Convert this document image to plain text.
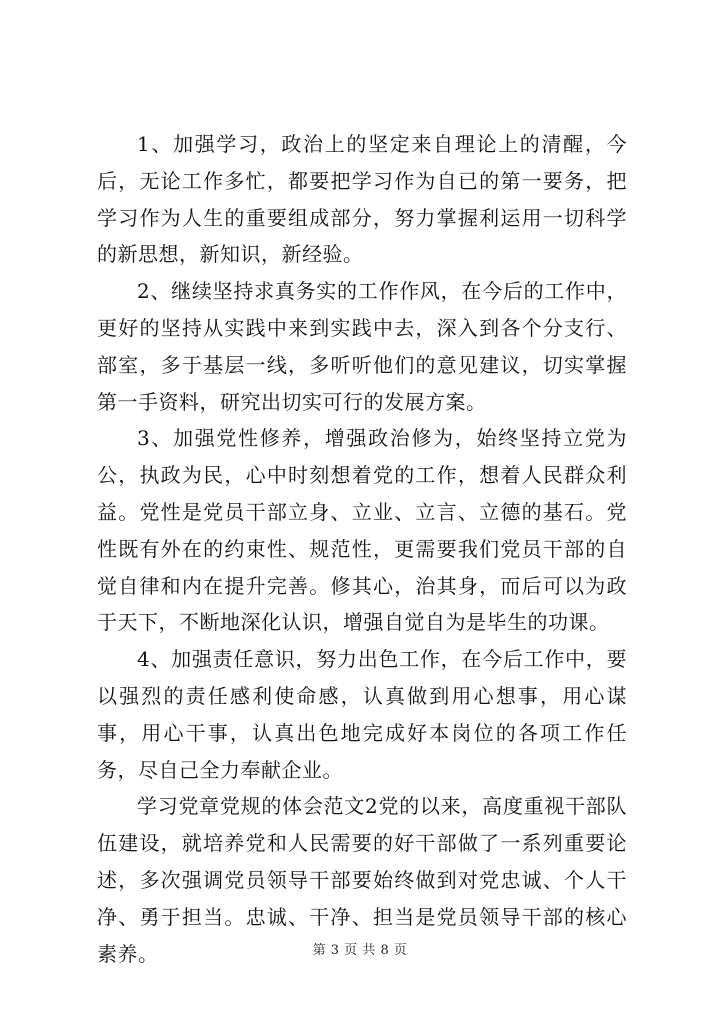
1、加强学习，政治上的坚定来自理论上的清醒，今后，无论工作多忙，都要把学习作为自已的第一要务，把学习作为人生的重要组成部分，努力掌握利运用一切科学的新思想，新知识，新经验。

2、继续坚持求真务实的工作作风，在今后的工作中，更好的坚持从实践中来到实践中去，深入到各个分支行、部室，多于基层一线，多听听他们的意见建议，切实掌握第一手资料，研究出切实可行的发展方案。

3、加强党性修养，增强政治修为，始终坚持立党为公，执政为民，心中时刻想着党的工作，想着人民群众利益。党性是党员干部立身、立业、立言、立德的基石。党性既有外在的约束性、规范性，更需要我们党员干部的自觉自律和内在提升完善。修其心，治其身，而后可以为政于天下，不断地深化认识，增强自觉自为是毕生的功课。

4、加强责任意识，努力出色工作，在今后工作中，要以强烈的责任感利使命感，认真做到用心想事，用心谋事，用心干事，认真出色地完成好本岗位的各项工作任务，尽自己全力奉献企业。

学习党章党规的体会范文2党的以来，高度重视干部队伍建设，就培养党和人民需要的好干部做了一系列重要论述，多次强调党员领导干部要始终做到对党忠诚、个人干净、勇于担当。忠诚、干净、担当是党员领导干部的核心素养。	第 3 页 共 8 页
